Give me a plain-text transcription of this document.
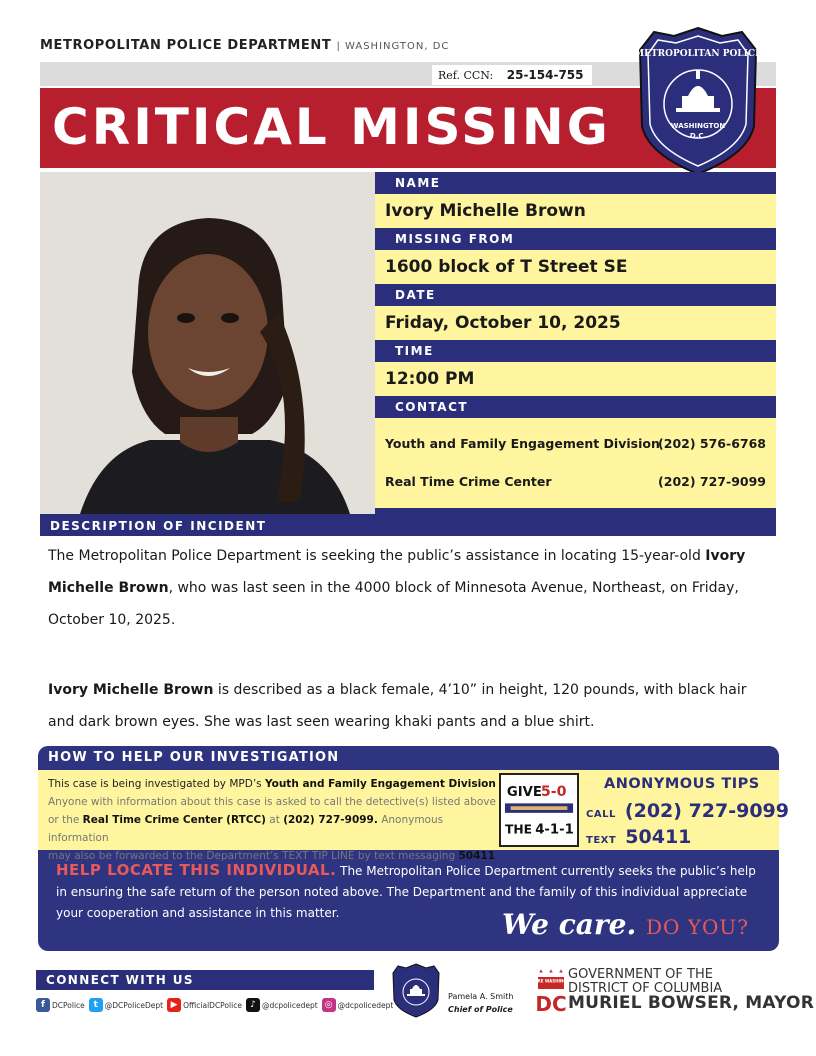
METROPOLITAN POLICE DEPARTMENT | WASHINGTON, DC
Ref. CCN: 25-154-755
CRITICAL MISSING
METROPOLITAN POLICE
WASHINGTON
D.C.
NAME
Ivory Michelle Brown
MISSING FROM
1600 block of T Street SE
DATE
Friday, October 10, 2025
TIME
12:00 PM
CONTACT
Youth and Family Engagement Division
(202) 576-6768
Real Time Crime Center	(202) 727-9099
DESCRIPTION OF INCIDENT
The Metropolitan Police Department is seeking the public’s assistance in locating 15-year-old Ivory Michelle Brown, who was last seen in the 4000 block of Minnesota Avenue, Northeast, on Friday, October 10, 2025.
Ivory Michelle Brown is described as a black female, 4’10” in height, 120 pounds, with black hair and dark brown eyes. She was last seen wearing khaki pants and a blue shirt.
HOW TO HELP OUR INVESTIGATION
This case is being investigated by MPD’s Youth and Family Engagement Division
Anyone with information about this case is asked to call the detective(s) listed above
or the Real Time Crime Center (RTCC) at (202) 727-9099. Anonymous information
may also be forwarded to the Department’s TEXT TIP LINE by text messaging 50411
GIVE
5-0
THE 4-1-1
ANONYMOUS TIPS
CALL (202) 727-9099
TEXT 50411
HELP LOCATE THIS INDIVIDUAL. The Metropolitan Police Department currently seeks the public’s help in ensuring the safe return of the person noted above. The Department and the family of this individual appreciate your cooperation and assistance in this matter.	We care. DO YOU?
CONNECT WITH US
f DCPolice t @DCPoliceDept ▶ OfficialDCPolice ♪ @dcpolicedept ◎ @dcpolicedept
Pamela A. Smith
Chief of Police
WE ARE WASHINGTON
DC
GOVERNMENT OF THE
DISTRICT OF COLUMBIA
MURIEL BOWSER, MAYOR
